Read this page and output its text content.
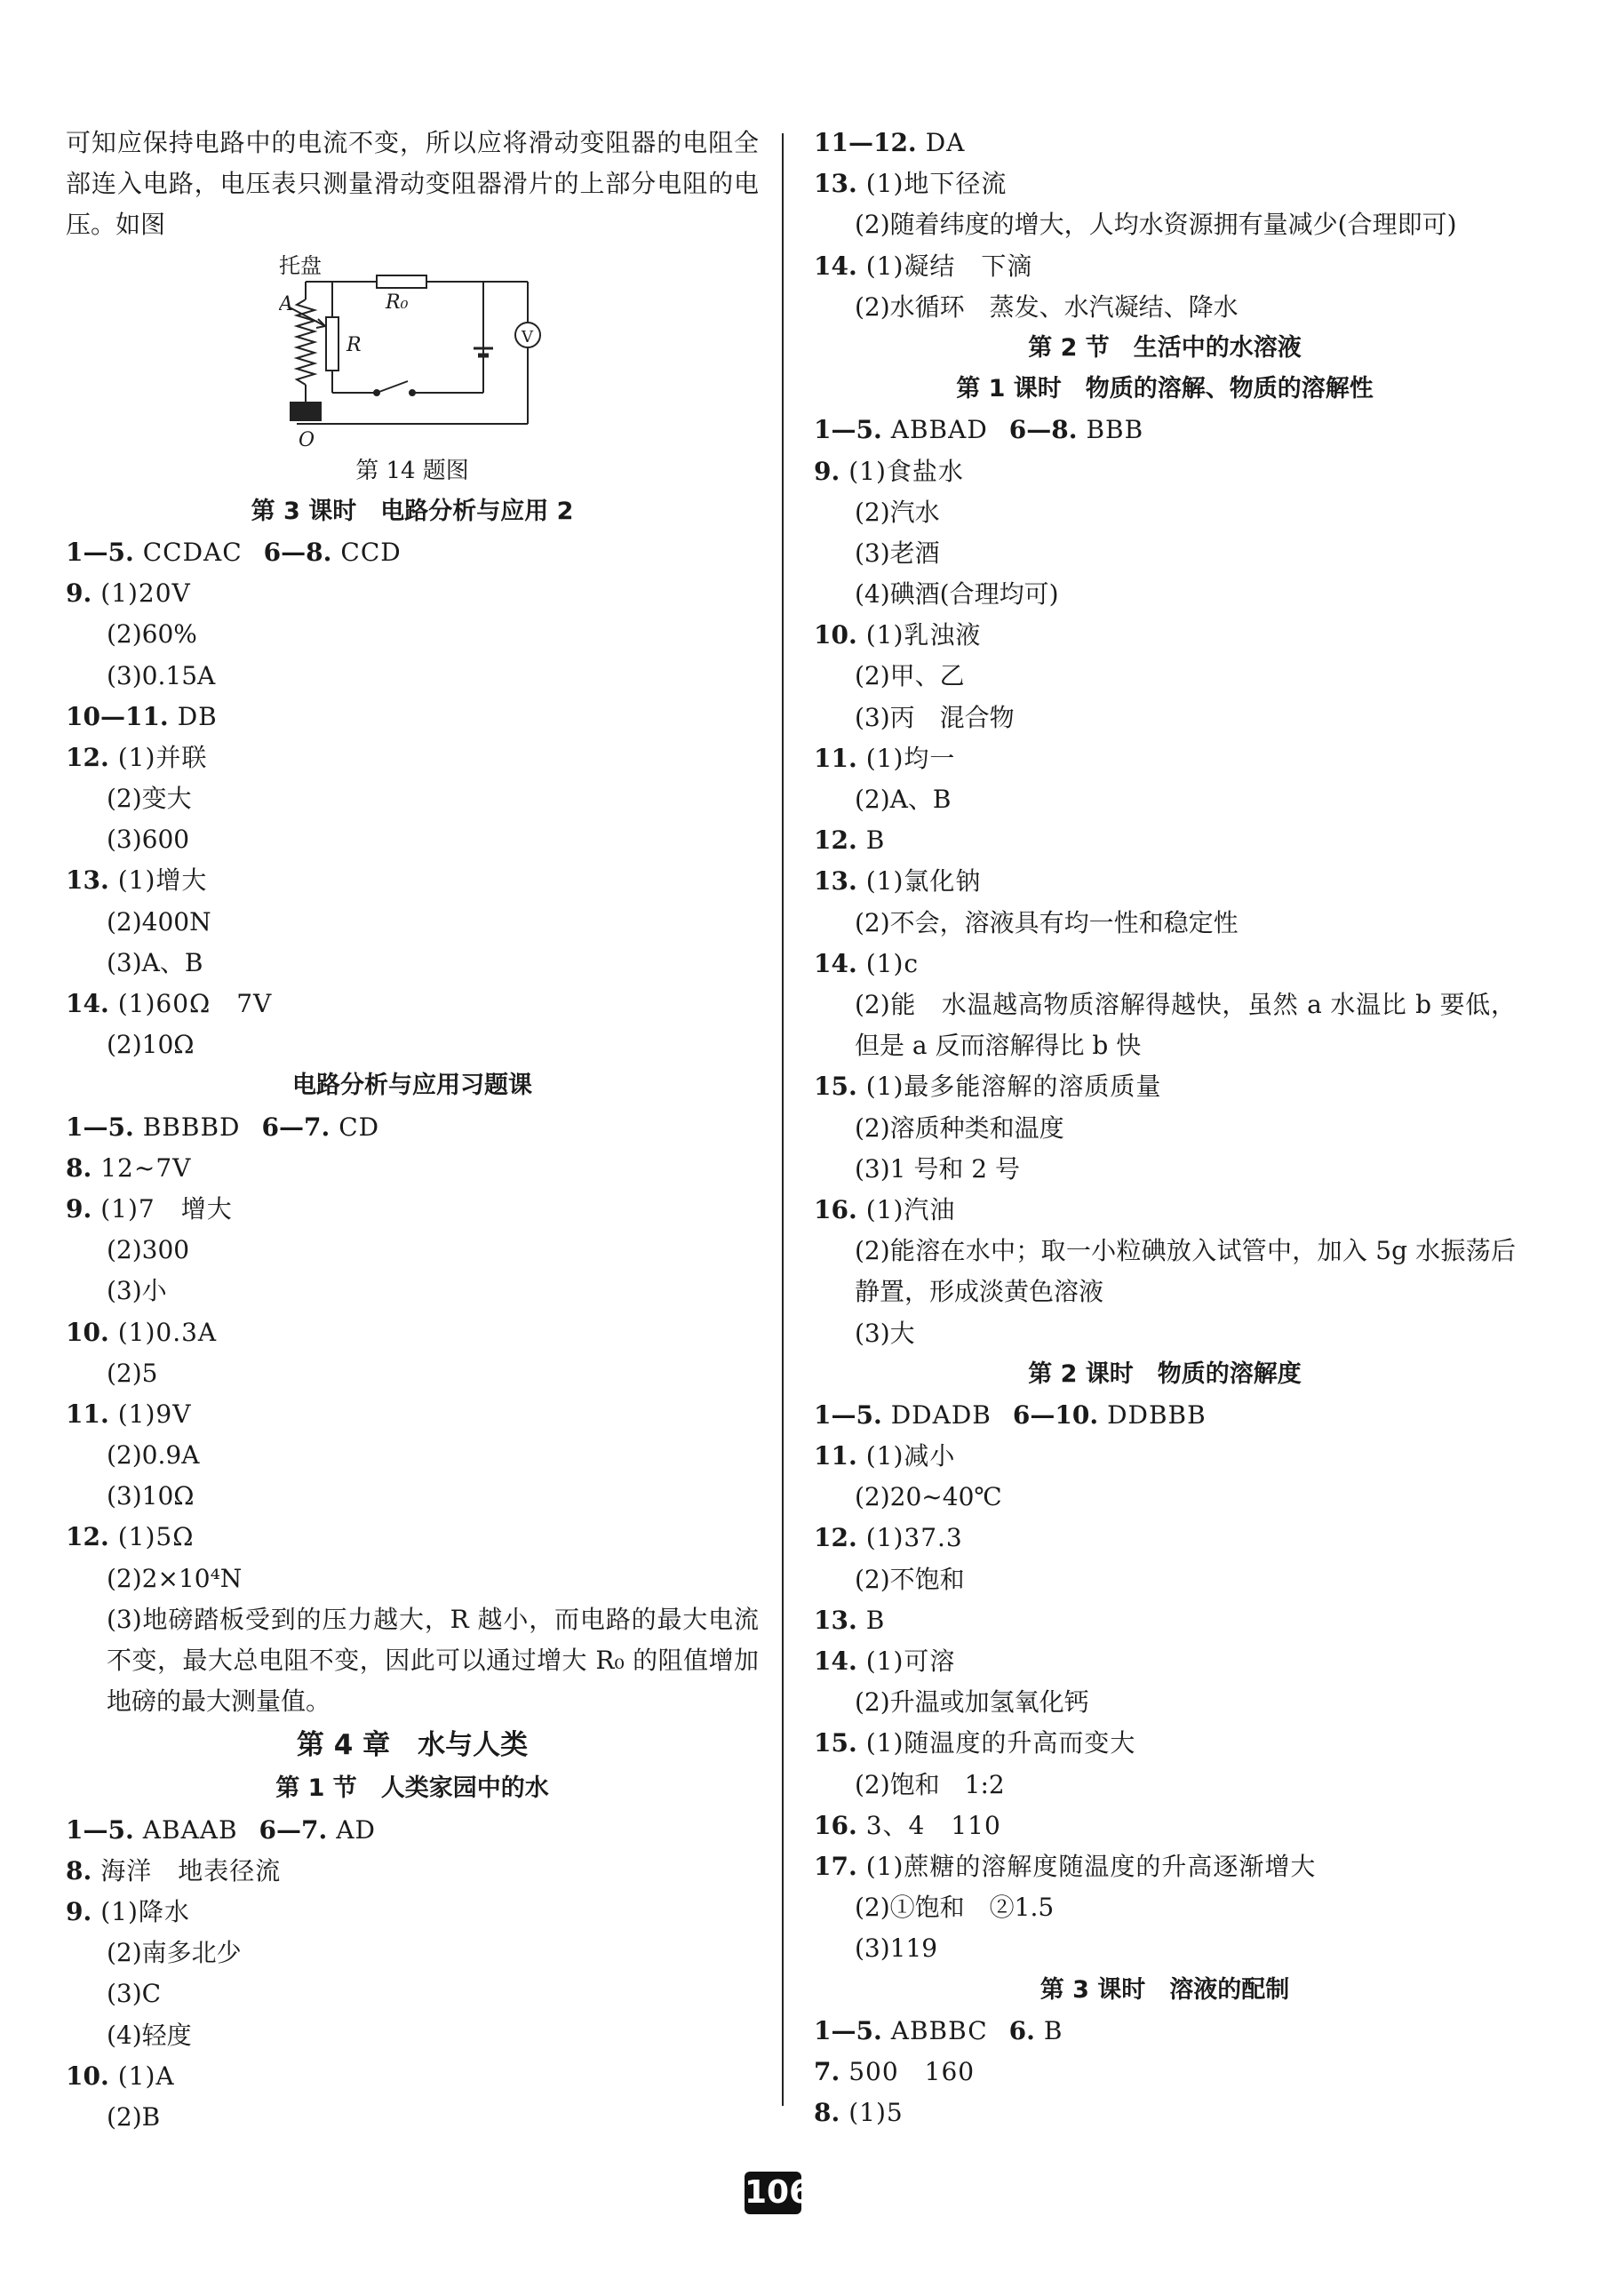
可知应保持电路中的电流不变，所以应将滑动变阻器的电阻全部连入电路，电压表只测量滑动变阻器滑片的上部分电阻的电压。如图
托盘
A
R
R₀
V
O
第 14 题图
第 3 课时　电路分析与应用 2
1—5. CCDAC 6—8. CCD
9. (1)20V
(2)60%
(3)0.15A
10—11. DB
12. (1)并联
(2)变大
(3)600
13. (1)增大
(2)400N
(3)A、B
14. (1)60Ω　7V
(2)10Ω
电路分析与应用习题课
1—5. BBBBD 6—7. CD
8. 12~7V
9. (1)7　增大
(2)300
(3)小
10. (1)0.3A
(2)5
11. (1)9V
(2)0.9A
(3)10Ω
12. (1)5Ω
(2)2×10⁴N
(3)地磅踏板受到的压力越大，R 越小，而电路的最大电流不变，最大总电阻不变，因此可以通过增大 R₀ 的阻值增加地磅的最大测量值。
第 4 章　水与人类
第 1 节　人类家园中的水
1—5. ABAAB 6—7. AD
8. 海洋　地表径流
9. (1)降水
(2)南多北少
(3)C
(4)轻度
10. (1)A
(2)B
11—12. DA
13. (1)地下径流
(2)随着纬度的增大，人均水资源拥有量减少(合理即可)
14. (1)凝结　下滴
(2)水循环　蒸发、水汽凝结、降水
第 2 节　生活中的水溶液
第 1 课时　物质的溶解、物质的溶解性
1—5. ABBAD 6—8. BBB
9. (1)食盐水
(2)汽水
(3)老酒
(4)碘酒(合理均可)
10. (1)乳浊液
(2)甲、乙
(3)丙　混合物
11. (1)均一
(2)A、B
12. B
13. (1)氯化钠
(2)不会，溶液具有均一性和稳定性
14. (1)c
(2)能　水温越高物质溶解得越快，虽然 a 水温比 b 要低，但是 a 反而溶解得比 b 快
15. (1)最多能溶解的溶质质量
(2)溶质种类和温度
(3)1 号和 2 号
16. (1)汽油
(2)能溶在水中；取一小粒碘放入试管中，加入 5g 水振荡后静置，形成淡黄色溶液
(3)大
第 2 课时　物质的溶解度
1—5. DDADB 6—10. DDBBB
11. (1)减小
(2)20~40℃
12. (1)37.3
(2)不饱和
13. B
14. (1)可溶
(2)升温或加氢氧化钙
15. (1)随温度的升高而变大
(2)饱和　1:2
16. 3、4　110
17. (1)蔗糖的溶解度随温度的升高逐渐增大
(2)①饱和　②1.5
(3)119
第 3 课时　溶液的配制
1—5. ABBBC 6. B
7. 500　160
8. (1)5
106
